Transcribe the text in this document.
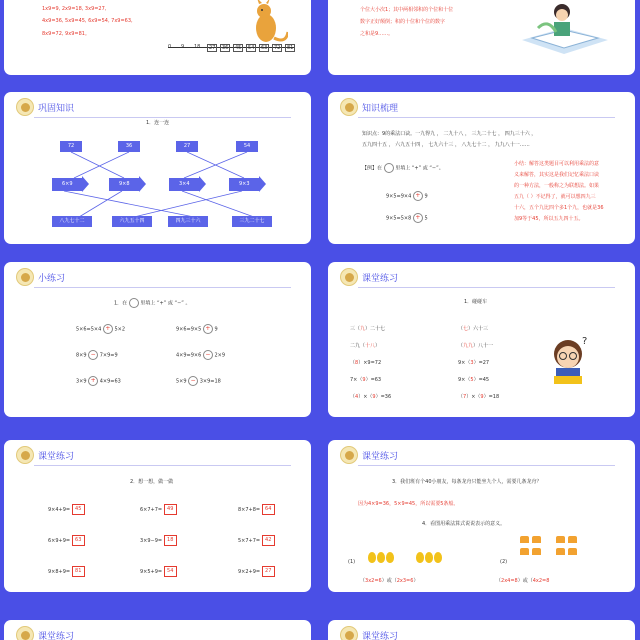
1x9=9, 2x9=18, 3x9=27,
4x9=36, 5x9=45, 6x9=54, 7x9=63,
8x9=72, 9x9=81。
0 9 18	27	36	45	54	63	72	81
个位大小次1；其中两相邻积的个位和十位
数字正好颠倒；积的十位和个位的数字
之和是9……。
巩固知识
1．连一连
72	36	27	54
6×9	9×8	3×4	9×3
八九七十二	六九五十四	四九三十六	三九二十七
知识梳理
知识点：9的乘法口诀。一九得九 ， 二九十八 ， 三九二十七 ， 四九三十六 ，
五九四十五 ， 六九五十四 ， 七九六十三 ， 八九七十二 ， 九九八十一……
【例】在	里填上 “+” 或 “−”。
9×5=9×4 + 9
9×5=5×8 + 5
小结：解答这类题目可以利用乘法的意
义来解答，其实这是我们记忆乘法口诀
的一种方法，一般称之为联想法。如果
五九（ ）不记得了，就可以想四九三
十六，五个九比四个多1个九，也就是36
加9等于45，所以五九四十五。
小练习
1．在	里填上 “+” 或 “−” 。
5×6=5×4 + 5×2	9×6=9×5 + 9
8×9 − 7×9=9	4×9=9×6 − 2×9
3×9 + 4×9=63	5×9 − 3×9=18
课堂练习
1．碰碰车
三（九）二十七	（七）六十三
二九（十八）	（九九）八十一
（8）×9=72	9×（3）=27
7×（9）=63	9×（5）=45
（4）×（9）=36	（7）×（9）=18
?
课堂练习
2．想一想，做一做
9×4+9= 45	6×7+7= 49	8×7+8= 64
6×9+9= 63	3×9−9= 18	5×7+7= 42
9×8+9= 81	9×5+9= 54	9×2+9= 27
课堂练习
3．我们班有个40小朋友，每条龙舟只能坐九个人，需要几条龙舟？
因为4×9=36，5×9=45，所以需要5条船。
4．看图用乘法算式说说表示的意义。
(1)	(2)
（3x2=6）或（2x3=6）	（2x4=8）或（4x2=8
课堂练习	课堂练习
